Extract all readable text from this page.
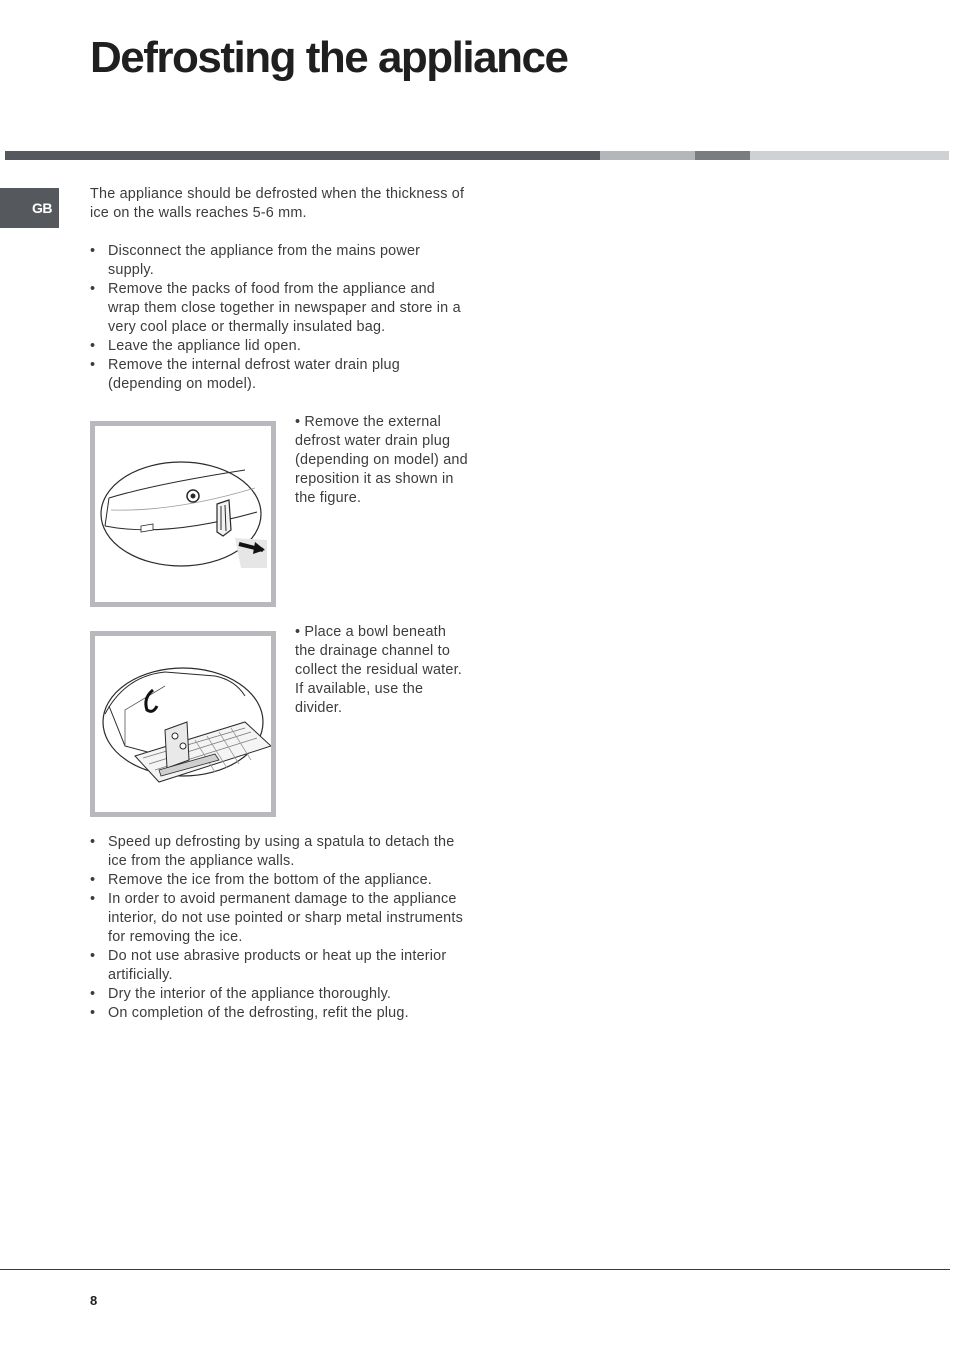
Defrosting the appliance
GB

The appliance should be defrosted when the thickness of ice on the walls reaches 5-6 mm.

• Disconnect the appliance from the mains power supply.
• Remove the packs of food from the appliance and wrap them close together in newspaper and store in a very cool place or thermally insulated bag.
• Leave the appliance lid open.
• Remove the internal defrost water drain plug (depending on model).

• Remove the external defrost water drain plug (depending on model) and reposition it as shown in the figure.

• Place a bowl beneath the drainage channel to collect the residual water. If available, use the divider.

• Speed up defrosting by using a spatula to detach the ice from the appliance walls.
• Remove the ice from the bottom of the appliance.
• In order to avoid permanent damage to the appliance interior, do not use pointed or sharp metal instruments for removing the ice.
• Do not use abrasive products or heat up the interior artificially.
• Dry the interior of the appliance thoroughly.
• On completion of the defrosting, refit the plug.
8
